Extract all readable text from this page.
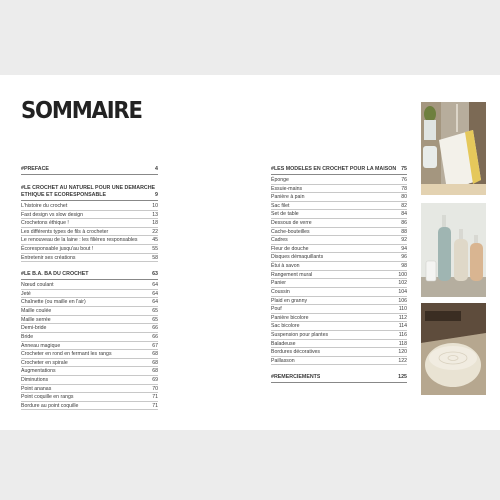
SOMMAIRE
#PRÉFACE	4
#LE CROCHET AU NATUREL POUR UNE DÉMARCHE
ÉTHIQUE ET ÉCORESPONSABLE	9
L'histoire du crochet	10
Fast design vs slow design	13
Crochetons éthique !	18
Les différents types de fils à crocheter	22
Le renouveau de la laine : les filières responsables	45
Écoresponsable jusqu'au bout !	55
Entretenir ses créations	58
#LE B.A. BA DU CROCHET	63
Nœud coulant	64
Jeté	64
Chaînette (ou maille en l'air)	64
Maille coulée	65
Maille serrée	65
Demi-bride	66
Bride	66
Anneau magique	67
Crocheter en rond en fermant les rangs	68
Crocheter en spirale	68
Augmentations	68
Diminutions	69
Point ananas	70
Point coquille en rangs	71
Bordure au point coquille	71
#LES MODÈLES EN CROCHET POUR LA MAISON 75
Éponge	76
Essuie-mains	78
Panière à pain	80
Sac filet	82
Set de table	84
Dessous de verre	86
Cache-bouteilles	88
Cadres	92
Fleur de douche	94
Disques démaquillants	96
Étui à savon	98
Rangement mural	100
Panier	102
Coussin	104
Plaid en granny	106
Pouf	110
Panière bicolore	112
Sac bicolore	114
Suspension pour plantes	116
Baladeuse	118
Bordures décoratives	120
Paillasson	122
#REMERCIEMENTS	125
